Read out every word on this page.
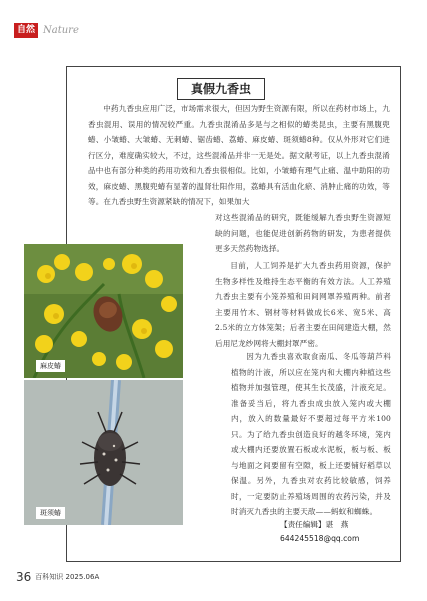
自然 Nature
真假九香虫

中药九香虫应用广泛，市场需求很大，但因为野生资源有限，所以在药材市场上，九香虫混用、误用的情况较严重。九香虫混淆品多是与之相似的蝽类昆虫，主要有黑腹兜蝽、小皱蝽、大皱蝽、无刺蝽、锯齿蝽、荔蝽、麻皮蝽、斑须蝽8种。仅从外形对它们进行区分，难度确实较大，不过，这些混淆品并非一无是处。据文献考证，以上九香虫混淆品中也有部分种类的药用功效和九香虫很相似。比如，小皱蝽有理气止痛、温中助阳的功效，麻皮蝽、黑腹兜蝽有显著的温肾壮阳作用，荔蝽具有活血化瘀、消肿止痛的功效，等等。在九香虫野生资源紧缺的情况下，如果加大

对这些混淆品的研究，既能缓解九香虫野生资源短缺的问题，也能促进创新药物的研发，为患者提供更多天然药物选择。

目前，人工饲养是扩大九香虫药用资源，保护生物多样性及维持生态平衡的有效方法。人工养殖九香虫主要有小笼养殖和田间网罩养殖两种。前者主要用竹木、钢材等材料做成长6米、宽5米、高2.5米的立方体笼架；后者主要在田间建造大棚，然后用尼龙纱网将大棚封罩严密。

因为九香虫喜欢取食南瓜、冬瓜等葫芦科植物的汁液，所以应在笼内和大棚内种植这些植物并加强管理，使其生长茂盛，汁液充足。准备妥当后，将九香虫成虫放入笼内或大棚内，放入的数量最好不要超过每平方米100只。为了给九香虫创造良好的越冬环境，笼内或大棚内还要放置石板或水泥板，板与板、板与地面之间要留有空隙，板上还要铺好稻草以保温。另外，九香虫对农药比较敏感，饲养时，一定要防止养殖场周围的农药污染，并及时消灭九香虫的主要天敌——蚂蚁和蜘蛛。

麻皮蝽
斑须蝽
【责任编辑】谌　燕
644245518@qq.com
36 百科知识 2025.06A
